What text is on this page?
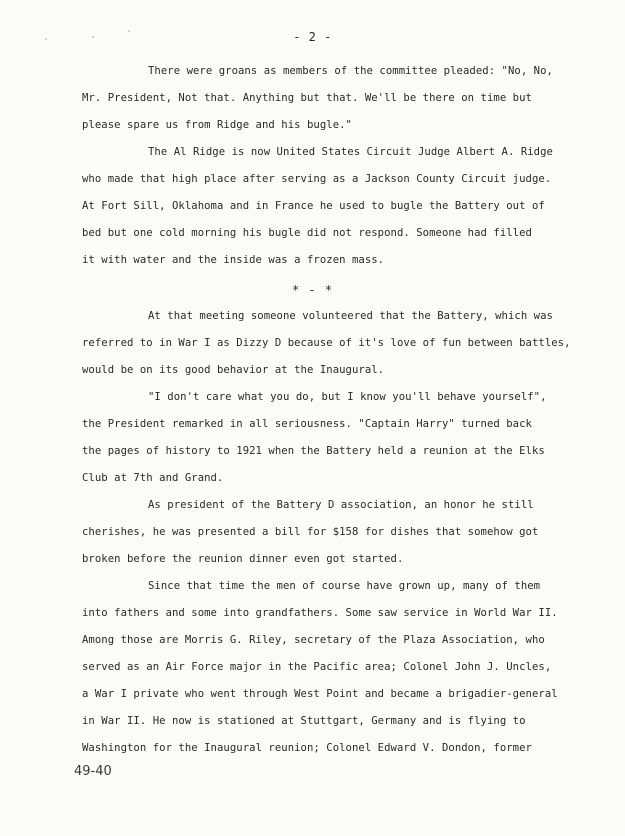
- 2 -
There were groans as members of the committee pleaded: "No, No,
Mr. President, Not that. Anything but that. We'll be there on time but
please spare us from Ridge and his bugle."
The Al Ridge is now United States Circuit Judge Albert A. Ridge
who made that high place after serving as a Jackson County Circuit judge.
At Fort Sill, Oklahoma and in France he used to bugle the Battery out of
bed but one cold morning his bugle did not respond. Someone had filled
it with water and the inside was a frozen mass.
* - *
At that meeting someone volunteered that the Battery, which was
referred to in War I as Dizzy D because of it's love of fun between battles,
would be on its good behavior at the Inaugural.
"I don't care what you do, but I know you'll behave yourself",
the President remarked in all seriousness. "Captain Harry" turned back
the pages of history to 1921 when the Battery held a reunion at the Elks
Club at 7th and Grand.
As president of the Battery D association, an honor he still
cherishes, he was presented a bill for $158 for dishes that somehow got
broken before the reunion dinner even got started.
Since that time the men of course have grown up, many of them
into fathers and some into grandfathers. Some saw service in World War II.
Among those are Morris G. Riley, secretary of the Plaza Association, who
served as an Air Force major in the Pacific area; Colonel John J. Uncles,
a War I private who went through West Point and became a brigadier-general
in War II. He now is stationed at Stuttgart, Germany and is flying to
Washington for the Inaugural reunion; Colonel Edward V. Dondon, former
49-40
